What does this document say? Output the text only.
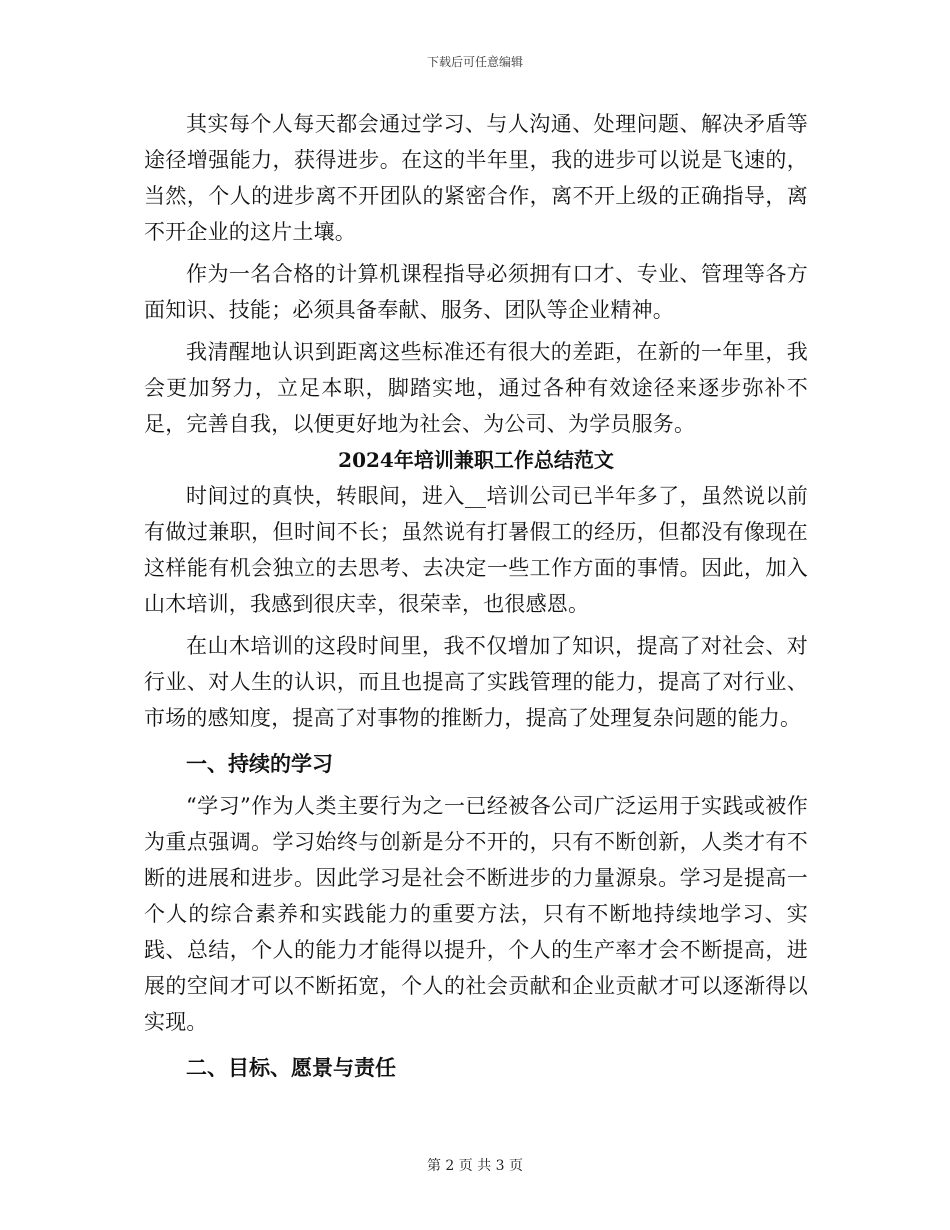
下载后可任意编辑

其实每个人每天都会通过学习、与人沟通、处理问题、解决矛盾等途径增强能力，获得进步。在这的半年里，我的进步可以说是飞速的，当然，个人的进步离不开团队的紧密合作，离不开上级的正确指导，离不开企业的这片土壤。

作为一名合格的计算机课程指导必须拥有口才、专业、管理等各方面知识、技能；必须具备奉献、服务、团队等企业精神。

我清醒地认识到距离这些标准还有很大的差距，在新的一年里，我会更加努力，立足本职，脚踏实地，通过各种有效途径来逐步弥补不足，完善自我，以便更好地为社会、为公司、为学员服务。

2024年培训兼职工作总结范文

时间过的真快，转眼间，进入__培训公司已半年多了，虽然说以前有做过兼职，但时间不长；虽然说有打暑假工的经历，但都没有像现在这样能有机会独立的去思考、去决定一些工作方面的事情。因此，加入山木培训，我感到很庆幸，很荣幸，也很感恩。

在山木培训的这段时间里，我不仅增加了知识，提高了对社会、对行业、对人生的认识，而且也提高了实践管理的能力，提高了对行业、市场的感知度，提高了对事物的推断力，提高了处理复杂问题的能力。

一、持续的学习

“学习”作为人类主要行为之一已经被各公司广泛运用于实践或被作为重点强调。学习始终与创新是分不开的，只有不断创新，人类才有不断的进展和进步。因此学习是社会不断进步的力量源泉。学习是提高一个人的综合素养和实践能力的重要方法，只有不断地持续地学习、实践、总结，个人的能力才能得以提升，个人的生产率才会不断提高，进展的空间才可以不断拓宽，个人的社会贡献和企业贡献才可以逐渐得以实现。

二、目标、愿景与责任
第 2 页 共 3 页
